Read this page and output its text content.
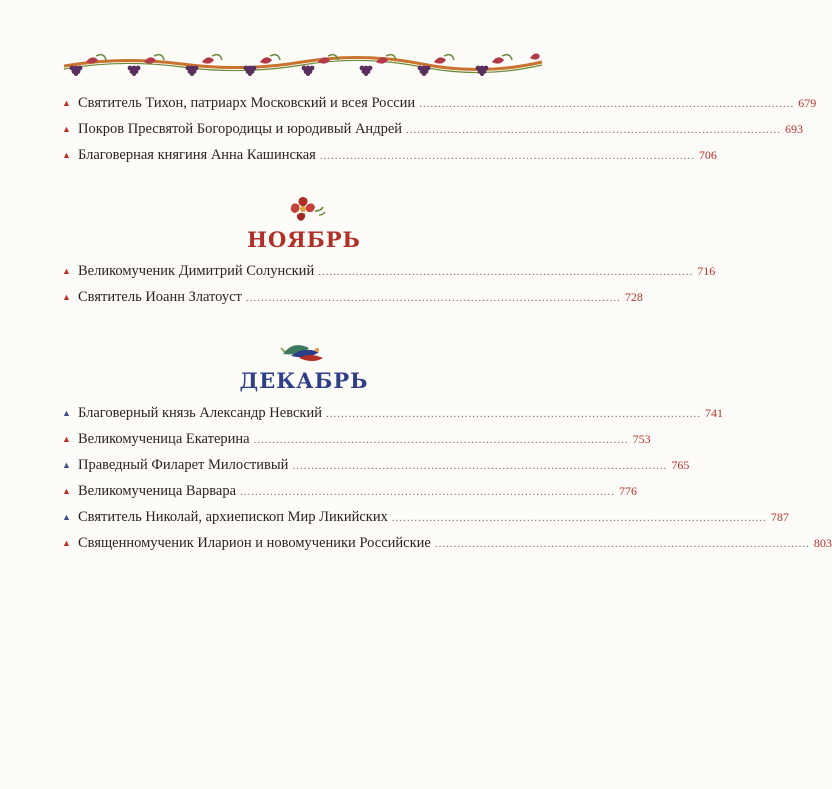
▲ Святитель Тихон, патриарх Московский и всея России .................................................................................................... 679
▲ Покров Пресвятой Богородицы и юродивый Андрей .................................................................................................... 693
▲ Благоверная княгиня Анна Кашинская .................................................................................................... 706
НОЯБРЬ
▲ Великомученик Димитрий Солунский .................................................................................................... 716
▲ Святитель Иоанн Златоуст .................................................................................................... 728
ДЕКАБРЬ
▲ Благоверный князь Александр Невский .................................................................................................... 741
▲ Великомученица Екатерина .................................................................................................... 753
▲ Праведный Филарет Милостивый .................................................................................................... 765
▲ Великомученица Варвара .................................................................................................... 776
▲ Святитель Николай, архиепископ Мир Ликийских .................................................................................................... 787
▲ Священномученик Иларион и новомученики Российские .................................................................................................... 803
